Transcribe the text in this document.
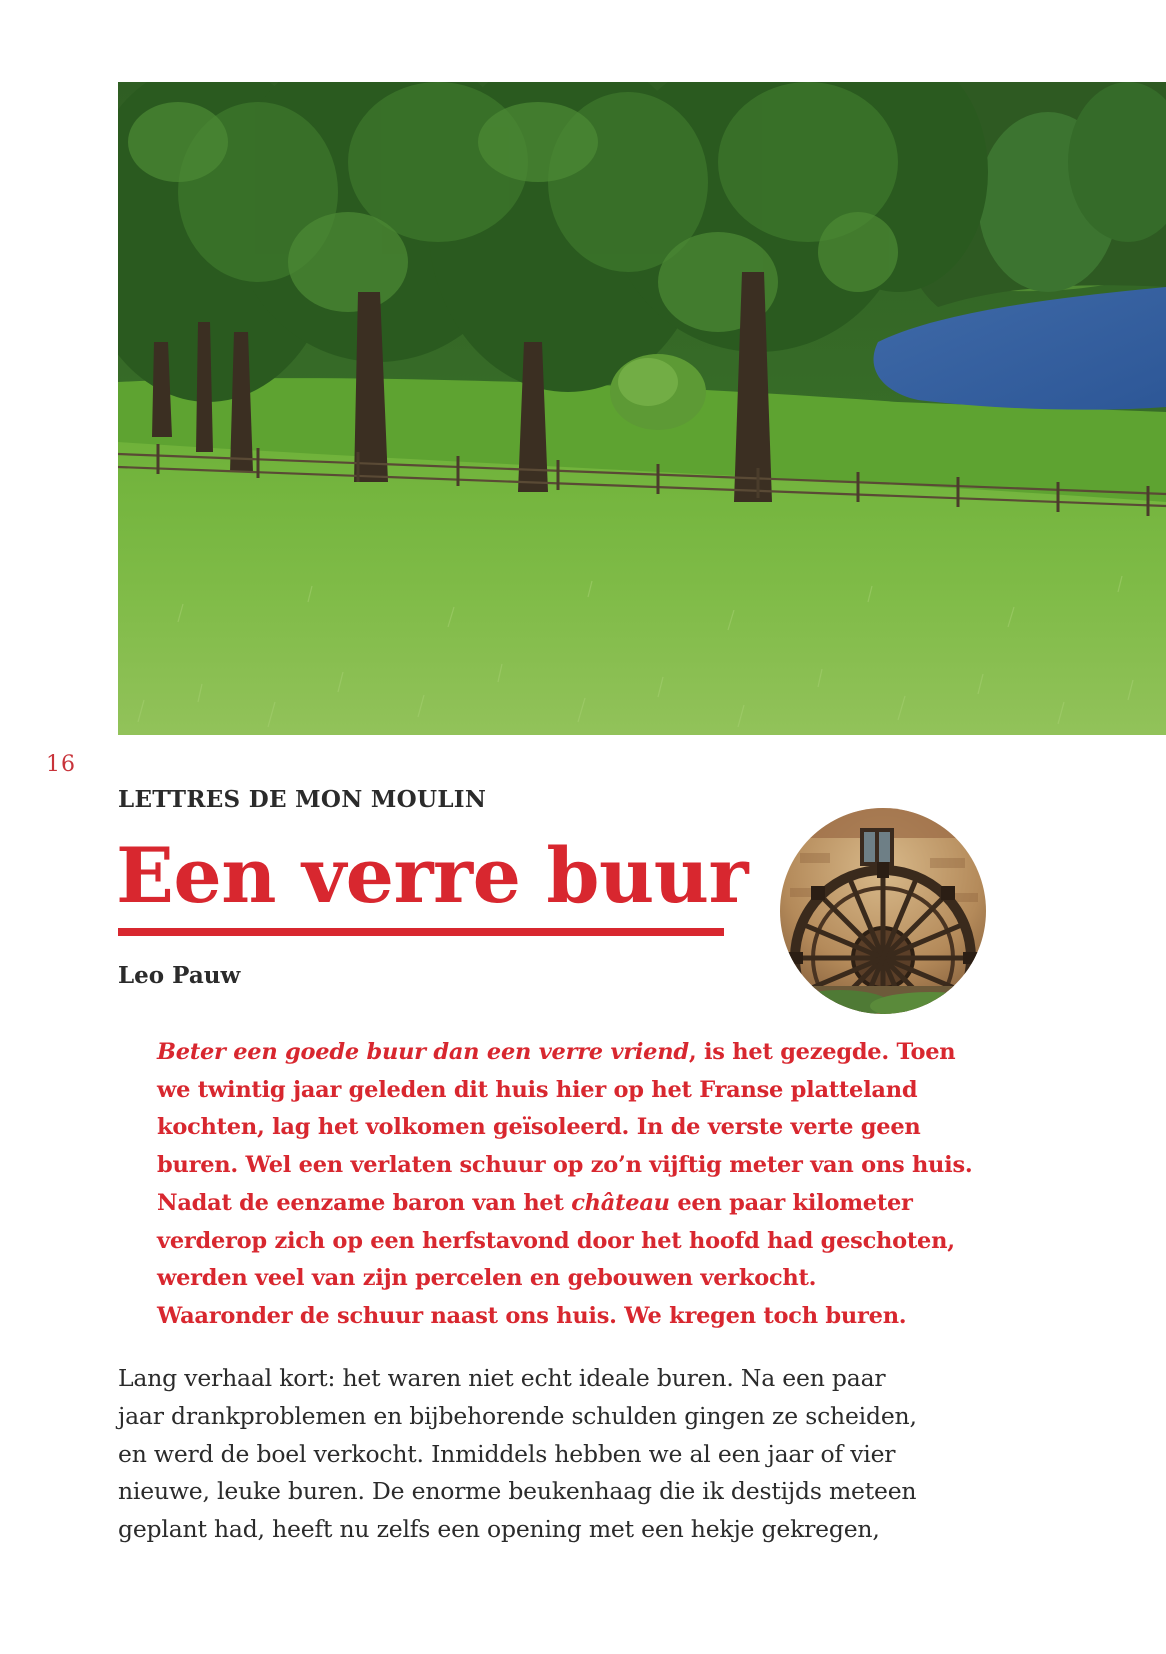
16
LETTRES DE MON MOULIN
Een verre buur
Leo Pauw

Beter een goede buur dan een verre vriend, is het gezegde. Toen
we twintig jaar geleden dit huis hier op het Franse platteland
kochten, lag het volkomen geïsoleerd. In de verste verte geen
buren. Wel een verlaten schuur op zo’n vijftig meter van ons huis.
Nadat de eenzame baron van het château een paar kilometer
verderop zich op een herfstavond door het hoofd had geschoten,
werden veel van zijn percelen en gebouwen verkocht.
Waaronder de schuur naast ons huis. We kregen toch buren.

Lang verhaal kort: het waren niet echt ideale buren. Na een paar
jaar drankproblemen en bijbehorende schulden gingen ze scheiden,
en werd de boel verkocht. Inmiddels hebben we al een jaar of vier
nieuwe, leuke buren. De enorme beukenhaag die ik destijds meteen
geplant had, heeft nu zelfs een opening met een hekje gekregen,
